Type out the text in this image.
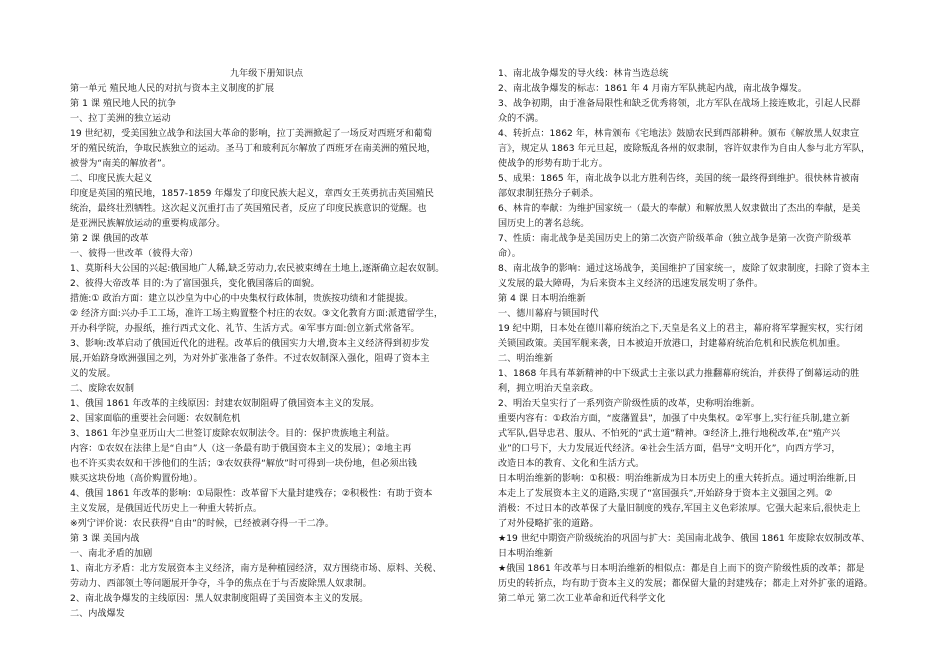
九年级下册知识点
第一单元 殖民地人民的对抗与资本主义制度的扩展
第 1 课 殖民地人民的抗争
一、拉丁美洲的独立运动
19 世纪初，受美国独立战争和法国大革命的影响，拉丁美洲掀起了一场反对西班牙和葡萄
牙的殖民统治，争取民族独立的运动。圣马丁和玻利瓦尔解放了西班牙在南美洲的殖民地，
被誉为“南美的解放者”。
二、印度民族大起义
印度是英国的殖民地，1857-1859 年爆发了印度民族大起义，章西女王英勇抗击英国殖民
统治，最终壮烈牺牲。这次起义沉重打击了英国殖民者，反应了印度民族意识的觉醒。也
是亚洲民族解放运动的重要构成部分。
第 2 课 俄国的改革
一、彼得一世改革（彼得大帝）
1、莫斯科大公国的兴起:俄国地广人稀,缺乏劳动力,农民被束缚在土地上,逐渐确立起农奴制。
2、彼得大帝改革 目的:为了富国强兵，变化俄国落后的面貌。
措施:① 政治方面：建立以沙皇为中心的中央集权行政体制，贵族按功绩和才能提拔。
② 经济方面:兴办手工工场，准许工场主购置整个村庄的农奴。③文化教育方面:派遣留学生，
开办科学院，办报纸，推行西式文化、礼节、生活方式。④军事方面:创立新式常备军。
3、影响:改革启动了俄国近代化的进程。改革后的俄国实力大增,资本主义经济得到初步发
展,开始跻身欧洲强国之列，为对外扩张准备了条件。不过农奴制深入强化，阻碍了资本主
义的发展。
二、废除农奴制
1、俄国 1861 年改革的主线原因：封建农奴制阻碍了俄国资本主义的发展。
2、国家面临的重要社会问题：农奴制危机
3、1861 年沙皇亚历山大二世签订废除农奴制法令。目的：保护贵族地主利益。
内容：①农奴在法律上是“自由”人（这一条最有助于俄国资本主义的发展）；②地主再
也不许买卖农奴和干涉他们的生活；③农奴获得“解放”时可得到一块份地，但必须出钱
赎买这块份地（高价购置份地）。
4、俄国 1861 年改革的影响：①局限性：改革留下大量封建残存；②积极性：有助于资本
主义发展，是俄国近代历史上一种重大转折点。
※列宁评价说：农民获得“自由”的时候，已经被剥夺得一干二净。
第 3 课 美国内战
一、南北矛盾的加剧
1、南北方矛盾：北方发展资本主义经济，南方是种植园经济，双方围绕市场、原料、关税、
劳动力、西部领土等问题展开争夺，斗争的焦点在于与否废除黑人奴隶制。
2、南北战争爆发的主线原因：黑人奴隶制度阻碍了美国资本主义的发展。
二、内战爆发
1、南北战争爆发的导火线：林肯当选总统
2、南北战争爆发的标志：1861 年 4 月南方军队挑起内战，南北战争爆发。
3、战争初期，由于准备局限性和缺乏优秀将领，北方军队在战场上接连败北，引起人民群
众的不满。
4、转折点：1862 年，林肯颁布《宅地法》鼓励农民到西部耕种。颁布《解放黑人奴隶宣
言》，规定从 1863 年元旦起，废除叛乱各州的奴隶制，容许奴隶作为自由人参与北方军队，
使战争的形势有助于北方。
5、成果：1865 年，南北战争以北方胜利告终，美国的统一最终得到维护。很快林肯被南
部奴隶制狂热分子刺杀。
6、林肯的奉献：为维护国家统一（最大的奉献）和解放黑人奴隶做出了杰出的奉献，是美
国历史上的著名总统。
7、性质：南北战争是美国历史上的第二次资产阶级革命（独立战争是第一次资产阶级革
命）。
8、南北战争的影响：通过这场战争，美国维护了国家统一，废除了奴隶制度，扫除了资本主
义发展的最大障碍，为后来资本主义经济的迅速发展发明了条件。
第 4 课 日本明治维新
一、德川幕府与锁国时代
19 纪中期，日本处在德川幕府统治之下,天皇是名义上的君主，幕府将军掌握实权，实行闭
关锁国政策。美国军舰来袭，日本被迫开放港口，封建幕府统治危机和民族危机加重。
二、明治维新
1、1868 年具有革新精神的中下级武士主张以武力推翻幕府统治，并获得了倒幕运动的胜
利，拥立明治天皇亲政。
2、明治天皇实行了一系列资产阶级性质的改革，史称明治维新。
重要内容有：①政治方面，“废藩置县”，加强了中央集权。②军事上,实行征兵制,建立新
式军队,倡导忠君、服从、不怕死的“武士道”精神。③经济上,推行地税改革,在“殖产兴
业”的口号下，大力发展近代经济。④社会生活方面，倡导“文明开化”，向西方学习，
改造日本的教育、文化和生活方式。
日本明治维新的影响：①积极：明治维新成为日本历史上的重大转折点。通过明治维新,日
本走上了发展资本主义的道路,实现了“富国强兵”,开始跻身于资本主义强国之列。②
消极：不过日本的改革保了大量旧制度的残存,军国主义色彩浓厚。它强大起来后,很快走上
了对外侵略扩张的道路。
★19 世纪中期资产阶级统治的巩固与扩大：美国南北战争、俄国 1861 年废除农奴制改革、
日本明治维新
★俄国 1861 年改革与日本明治维新的相似点：都是自上而下的资产阶级性质的改革；都是
历史的转折点，均有助于资本主义的发展；都保留大量的封建残存；都走上对外扩张的道路。
第二单元 第二次工业革命和近代科学文化
